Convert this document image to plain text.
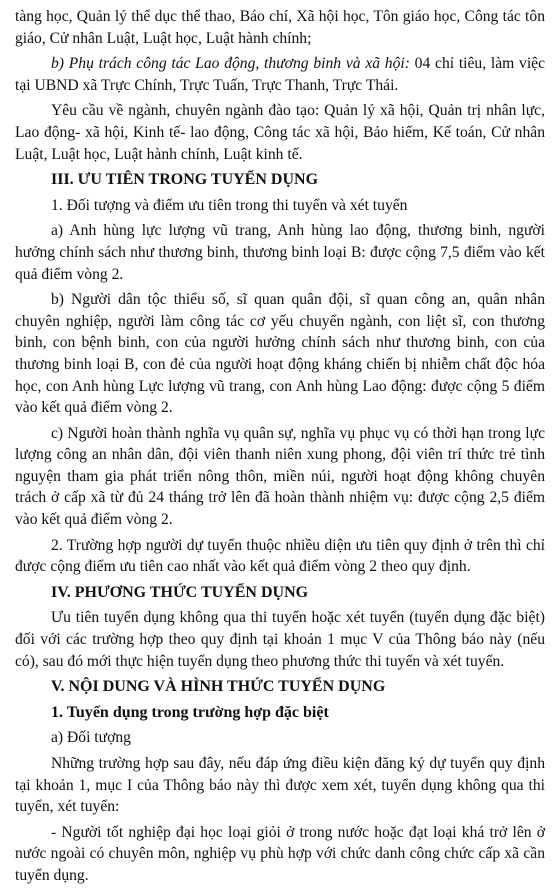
tàng học, Quản lý thể dục thể thao, Báo chí, Xã hội học, Tôn giáo học, Công tác tôn giáo, Cử nhân Luật, Luật học, Luật hành chính;

b) Phụ trách công tác Lao động, thương binh và xã hội: 04 chỉ tiêu, làm việc tại UBND xã Trực Chính, Trực Tuấn, Trực Thanh, Trực Thái.

Yêu cầu về ngành, chuyên ngành đào tạo: Quản lý xã hội, Quản trị nhân lực, Lao động- xã hội, Kinh tế- lao động, Công tác xã hội, Bảo hiểm, Kế toán, Cử nhân Luật, Luật học, Luật hành chính, Luật kinh tế.

III. ƯU TIÊN TRONG TUYỂN DỤNG

1. Đối tượng và điểm ưu tiên trong thi tuyển và xét tuyển

a) Anh hùng lực lượng vũ trang, Anh hùng lao động, thương binh, người hưởng chính sách như thương binh, thương binh loại B: được cộng 7,5 điểm vào kết quả điểm vòng 2.

b) Người dân tộc thiểu số, sĩ quan quân đội, sĩ quan công an, quân nhân chuyên nghiệp, người làm công tác cơ yếu chuyển ngành, con liệt sĩ, con thương binh, con bệnh binh, con của người hưởng chính sách như thương binh, con của thương binh loại B, con đẻ của người hoạt động kháng chiến bị nhiễm chất độc hóa học, con Anh hùng Lực lượng vũ trang, con Anh hùng Lao động: được cộng 5 điểm vào kết quả điểm vòng 2.

c) Người hoàn thành nghĩa vụ quân sự, nghĩa vụ phục vụ có thời hạn trong lực lượng công an nhân dân, đội viên thanh niên xung phong, đội viên trí thức trẻ tình nguyện tham gia phát triển nông thôn, miền núi, người hoạt động không chuyên trách ở cấp xã từ đủ 24 tháng trở lên đã hoàn thành nhiệm vụ: được cộng 2,5 điểm vào kết quả điểm vòng 2.

2. Trường hợp người dự tuyển thuộc nhiều diện ưu tiên quy định ở trên thì chỉ được cộng điểm ưu tiên cao nhất vào kết quả điểm vòng 2 theo quy định.

IV. PHƯƠNG THỨC TUYỂN DỤNG

Ưu tiên tuyển dụng không qua thi tuyển hoặc xét tuyển (tuyển dụng đặc biệt) đối với các trường hợp theo quy định tại khoản 1 mục V của Thông báo này (nếu có), sau đó mới thực hiện tuyển dụng theo phương thức thi tuyển và xét tuyển.

V. NỘI DUNG VÀ HÌNH THỨC TUYỂN DỤNG

1. Tuyển dụng trong trường hợp đặc biệt

a) Đối tượng

Những trường hợp sau đây, nếu đáp ứng điều kiện đăng ký dự tuyển quy định tại khoản 1, mục I của Thông báo này thì được xem xét, tuyển dụng không qua thi tuyển, xét tuyển:

- Người tốt nghiệp đại học loại giỏi ở trong nước hoặc đạt loại khá trở lên ở nước ngoài có chuyên môn, nghiệp vụ phù hợp với chức danh công chức cấp xã cần tuyển dụng.
